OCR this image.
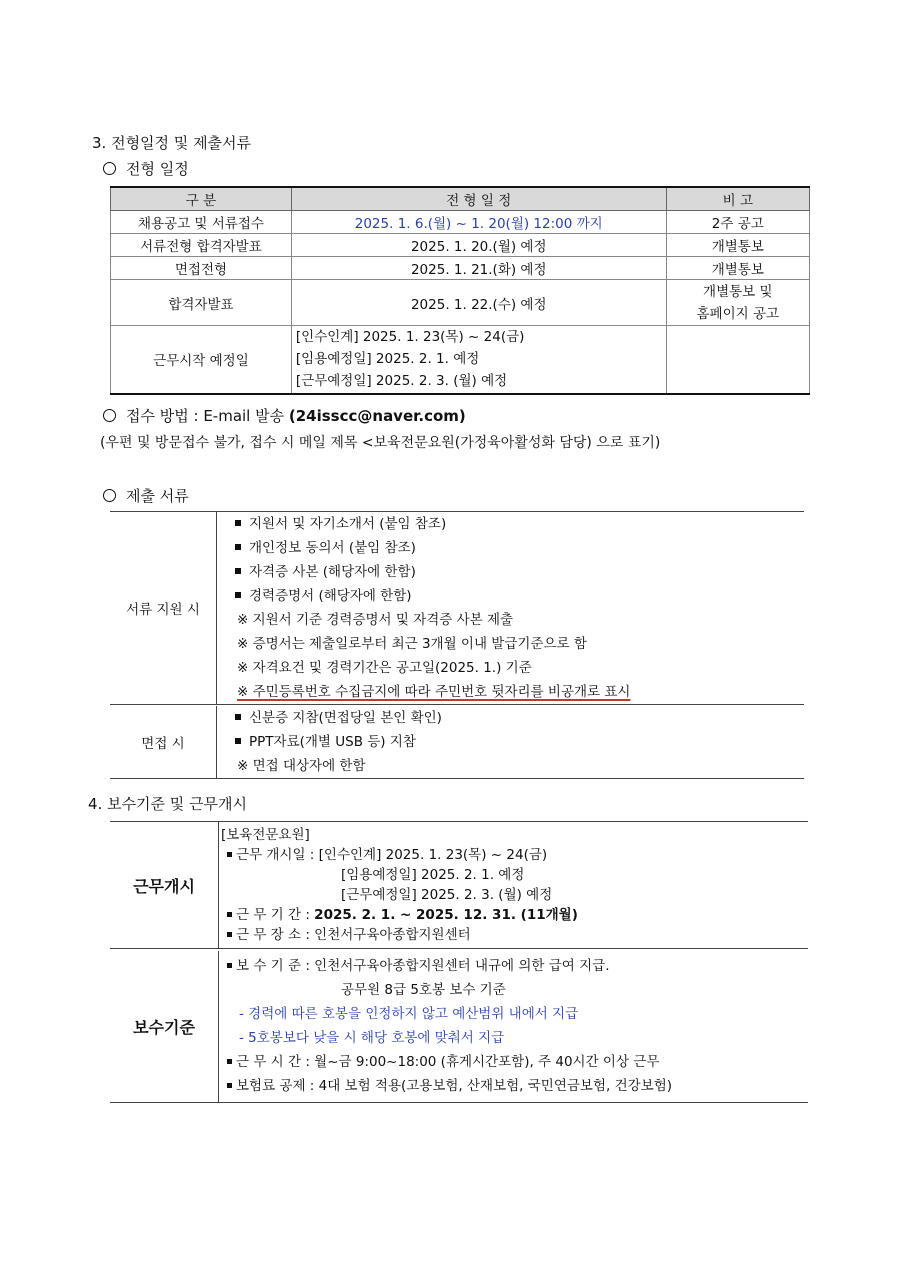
3. 전형일정 및 제출서류
전형 일정
구 분	전 형 일 정	비 고
채용공고 및 서류접수	2025. 1. 6.(월) ~ 1. 20(월) 12:00 까지	2주 공고
서류전형 합격자발표	2025. 1. 20.(월) 예정	개별통보
면접전형	2025. 1. 21.(화) 예정	개별통보
합격자발표	2025. 1. 22.(수) 예정	개별통보 및
홈페이지 공고

근무시작 예정일	[인수인계] 2025. 1. 23(목) ~ 24(금)
[임용예정일] 2025. 2. 1. 예정
[근무예정일] 2025. 2. 3. (월) 예정	

접수 방법 : E-mail 발송 (24isscc@naver.com)
(우편 및 방문접수 불가, 접수 시 메일 제목 <보육전문요원(가정육아활성화 담당) 으로 표기)
제출 서류
서류 지원 시	
지원서 및 자기소개서 (붙임 참조)
개인정보 동의서 (붙임 참조)
자격증 사본 (해당자에 한함)
경력증명서 (해당자에 한함)
※ 지원서 기준 경력증명서 및 자격증 사본 제출
※ 증명서는 제출일로부터 최근 3개월 이내 발급기준으로 함
※ 자격요건 및 경력기간은 공고일(2025. 1.) 기준
※ 주민등록번호 수집금지에 따라 주민번호 뒷자리를 비공개로 표시
면접 시	
신분증 지참(면접당일 본인 확인)
PPT자료(개별 USB 등) 지참
※ 면접 대상자에 한함
4. 보수기준 및 근무개시
근무개시	
[보육전문요원]
근무 개시일 : [인수인계] 2025. 1. 23(목) ~ 24(금)
[임용예정일] 2025. 2. 1. 예정
[근무예정일] 2025. 2. 3. (월) 예정
근 무 기 간 : 2025. 2. 1. ~ 2025. 12. 31. (11개월)
근 무 장 소 : 인천서구육아종합지원센터
보수기준	
보 수 기 준 : 인천서구육아종합지원센터 내규에 의한 급여 지급.
공무원 8급 5호봉 보수 기준
- 경력에 따른 호봉을 인정하지 않고 예산범위 내에서 지급
- 5호봉보다 낮을 시 해당 호봉에 맞춰서 지급
근 무 시 간 : 월~금 9:00~18:00 (휴게시간포함), 주 40시간 이상 근무
보험료 공제 : 4대 보험 적용(고용보험, 산재보험, 국민연금보험, 건강보험)
